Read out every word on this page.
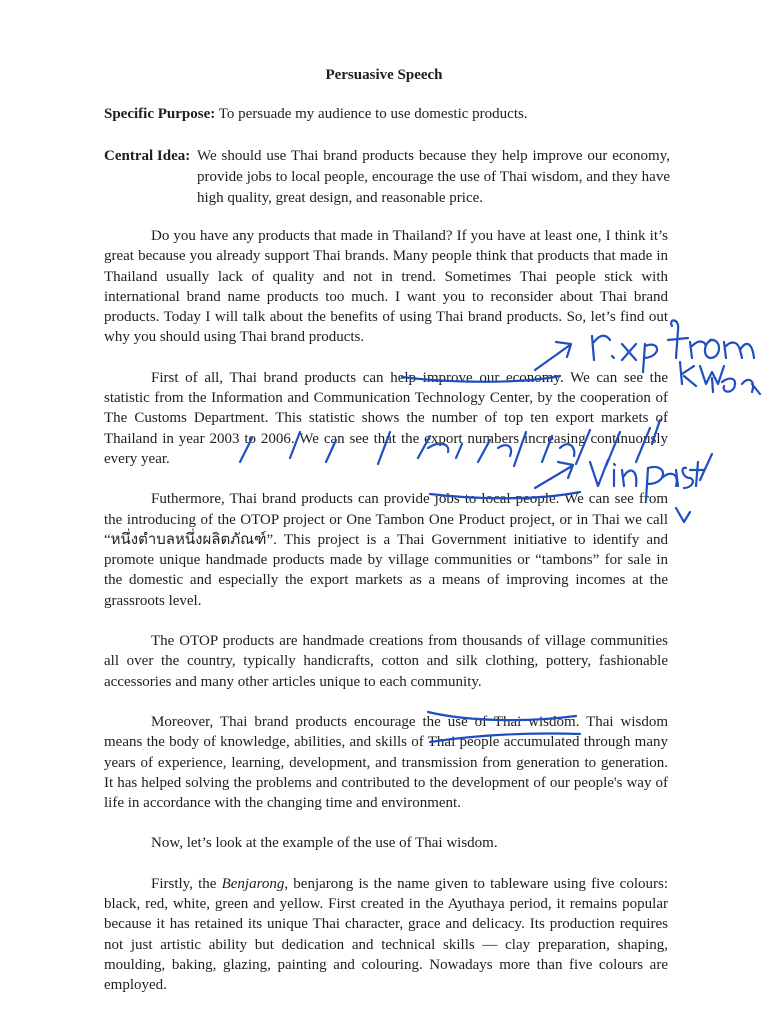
Persuasive Speech
Specific Purpose: To persuade my audience to use domestic products.
Central Idea: We should use Thai brand products because they help improve our economy, provide jobs to local people, encourage the use of Thai wisdom, and they have high quality, great design, and reasonable price.

Do you have any products that made in Thailand? If you have at least one, I think it’s great because you already support Thai brands. Many people think that products that made in Thailand usually lack of quality and not in trend. Sometimes Thai people stick with international brand name products too much. I want you to reconsider about Thai brand products. Today I will talk about the benefits of using Thai brand products. So, let’s find out why you should using Thai brand products.

First of all, Thai brand products can help improve our economy. We can see the statistic from the Information and Communication Technology Center, by the cooperation of The Customs Department. This statistic shows the number of top ten export markets of Thailand in year 2003 to 2006. We can see that the export numbers increasing continuously every year.

Futhermore, Thai brand products can provide jobs to local people. We can see from the introducing of the OTOP project or One Tambon One Product project, or in Thai we call “หนึ่งตำบลหนึ่งผลิตภัณฑ์”. This project is a Thai Government initiative to identify and promote unique handmade products made by village communities or “tambons” for sale in the domestic and especially the export markets as a means of improving incomes at the grassroots level.

The OTOP products are handmade creations from thousands of village communities all over the country, typically handicrafts, cotton and silk clothing, pottery, fashionable accessories and many other articles unique to each community.

Moreover, Thai brand products encourage the use of Thai wisdom. Thai wisdom means the body of knowledge, abilities, and skills of Thai people accumulated through many years of experience, learning, development, and transmission from generation to generation. It has helped solving the problems and contributed to the development of our people's way of life in accordance with the changing time and environment.

Now, let’s look at the example of the use of Thai wisdom.

Firstly, the Benjarong, benjarong is the name given to tableware using five colours: black, red, white, green and yellow. First created in the Ayuthaya period, it remains popular because it has retained its unique Thai character, grace and delicacy. Its production requires not just artistic ability but dedication and technical skills — clay preparation, shaping, moulding, baking, glazing, painting and colouring. Nowadays more than five colours are employed.
